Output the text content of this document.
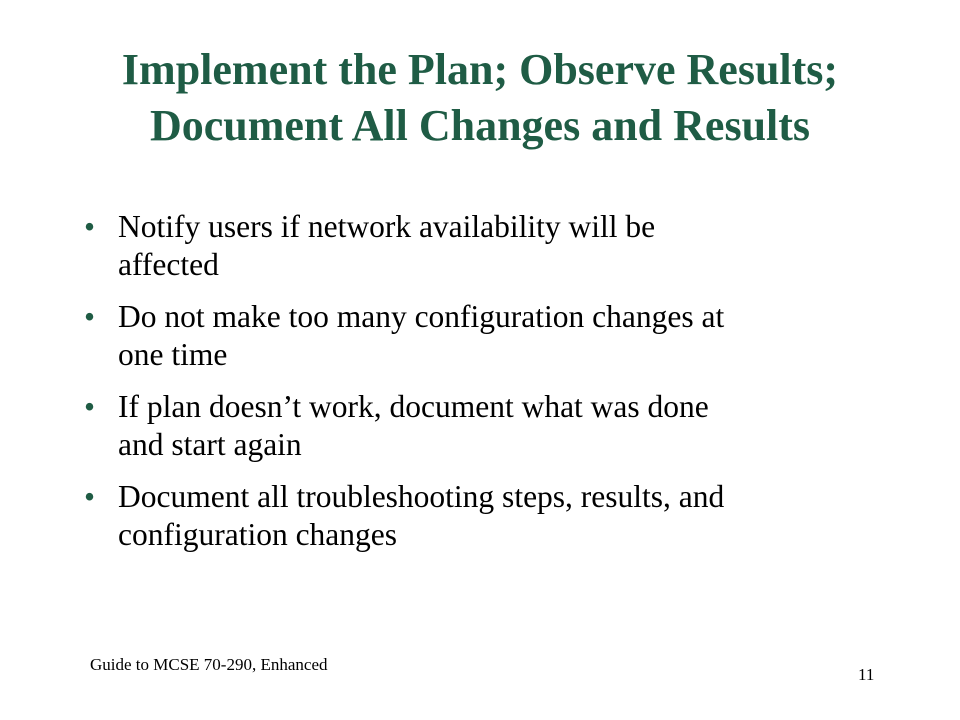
Implement the Plan; Observe Results;
Document All Changes and Results
• Notify users if network availability will be
affected
• Do not make too many configuration changes at
one time
• If plan doesn’t work, document what was done
and start again
• Document all troubleshooting steps, results, and
configuration changes
Guide to MCSE 70-290, Enhanced
11
